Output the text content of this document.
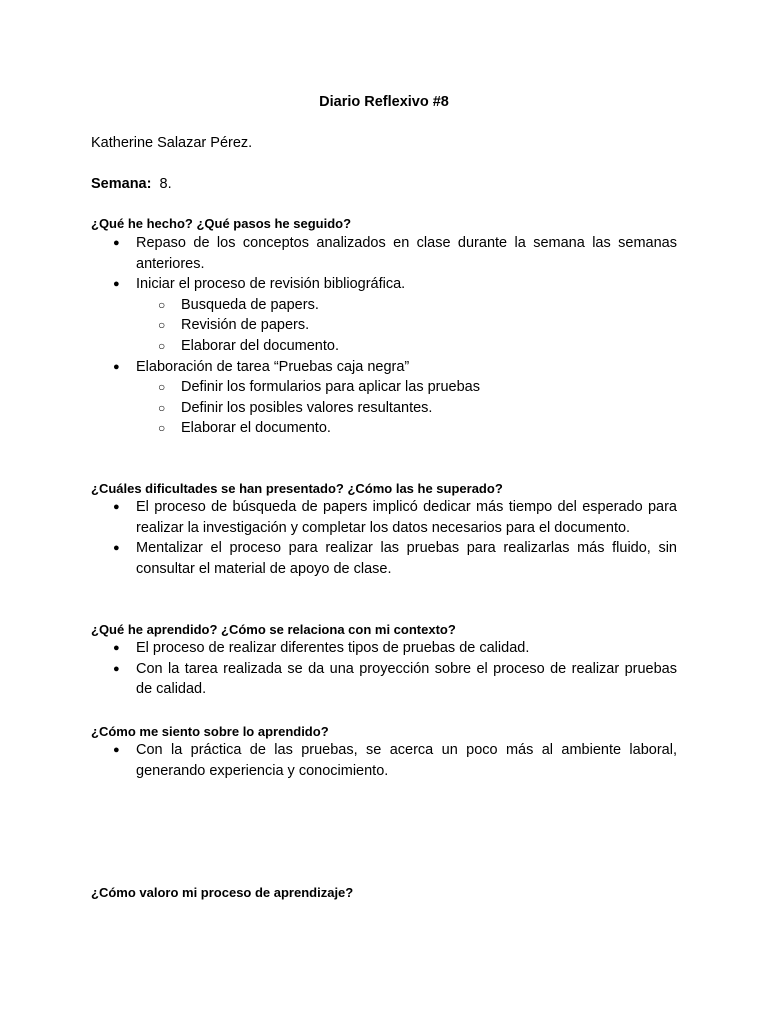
Diario Reflexivo #8
Katherine Salazar Pérez.
Semana: 8.
¿Qué he hecho? ¿Qué pasos he seguido?
● Repaso de los conceptos analizados en clase durante la semana las semanas anteriores.
● Iniciar el proceso de revisión bibliográfica.
○ Busqueda de papers.
○ Revisión de papers.
○ Elaborar del documento.
● Elaboración de tarea “Pruebas caja negra”
○ Definir los formularios para aplicar las pruebas
○ Definir los posibles valores resultantes.
○ Elaborar el documento.
¿Cuáles dificultades se han presentado? ¿Cómo las he superado?
● El proceso de búsqueda de papers implicó dedicar más tiempo del esperado para realizar la investigación y completar los datos necesarios para el documento.
● Mentalizar el proceso para realizar las pruebas para realizarlas más fluido, sin consultar el material de apoyo de clase.
¿Qué he aprendido? ¿Cómo se relaciona con mi contexto?
● El proceso de realizar diferentes tipos de pruebas de calidad.
● Con la tarea realizada se da una proyección sobre el proceso de realizar pruebas de calidad.
¿Cómo me siento sobre lo aprendido?
● Con la práctica de las pruebas, se acerca un poco más al ambiente laboral, generando experiencia y conocimiento.
¿Cómo valoro mi proceso de aprendizaje?
